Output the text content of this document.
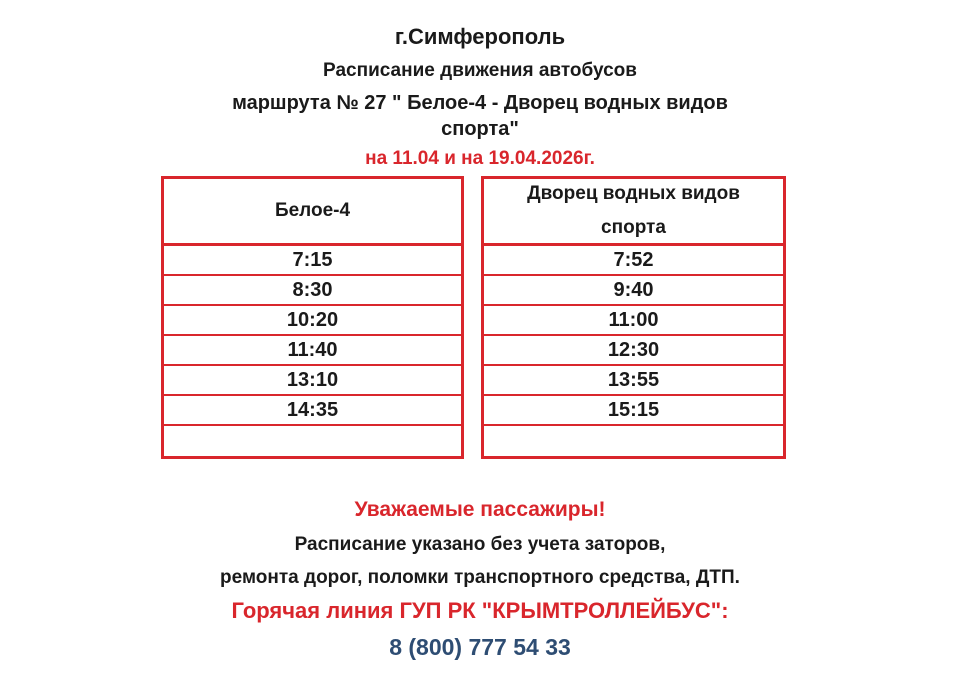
г.Симферополь
Расписание движения автобусов
маршрута № 27 " Белое-4 - Дворец водных видов
спорта"
на 11.04 и на 19.04.2026г.
Белое-4
7:15
8:30
10:20
11:40
13:10
14:35
Дворец водных видов
спорта
7:52
9:40
11:00
12:30
13:55
15:15
Уважаемые пассажиры!
Расписание указано без учета заторов,
ремонта дорог, поломки транспортного средства, ДТП.
Горячая линия ГУП РК "КРЫМТРОЛЛЕЙБУС":
8 (800) 777 54 33
